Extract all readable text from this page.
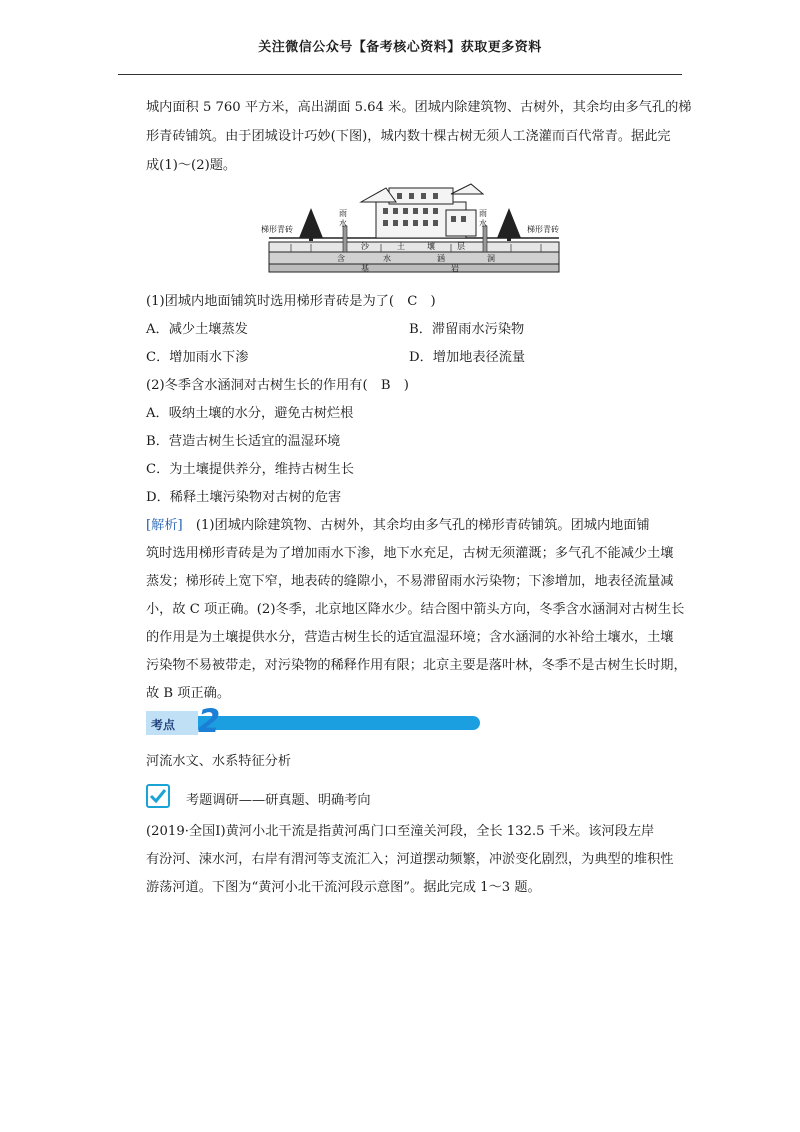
关注微信公众号【备考核心资料】获取更多资料
城内面积 5 760 平方米，高出湖面 5.64 米。团城内除建筑物、古树外，其余均由多气孔的梯
形青砖铺筑。由于团城设计巧妙(下图)，城内数十棵古树无须人工浇灌而百代常青。据此完
成(1)～(2)题。
梯形青砖	梯形青砖
雨
水
雨
水
沙	土	壤	层
含	水	涵	洞
基	岩
(1)团城内地面铺筑时选用梯形青砖是为了(　C　)
A．减少土壤蒸发	B．滞留雨水污染物
C．增加雨水下渗	D．增加地表径流量
(2)冬季含水涵洞对古树生长的作用有(　B　)
A．吸纳土壤的水分，避免古树烂根
B．营造古树生长适宜的温湿环境
C．为土壤提供养分，维持古树生长
D．稀释土壤污染物对古树的危害
[解析]　(1)团城内除建筑物、古树外，其余均由多气孔的梯形青砖铺筑。团城内地面铺
筑时选用梯形青砖是为了增加雨水下渗，地下水充足，古树无须灌溉；多气孔不能减少土壤
蒸发；梯形砖上宽下窄，地表砖的缝隙小，不易滞留雨水污染物；下渗增加，地表径流量减
小，故 C 项正确。(2)冬季，北京地区降水少。结合图中箭头方向，冬季含水涵洞对古树生长
的作用是为土壤提供水分，营造古树生长的适宜温湿环境；含水涵洞的水补给土壤水，土壤
污染物不易被带走，对污染物的稀释作用有限；北京主要是落叶林，冬季不是古树生长时期，
故 B 项正确。
考点 2
河流水文、水系特征分析
考题调研——研真题、明确考向
(2019·全国Ⅰ)黄河小北干流是指黄河禹门口至潼关河段，全长 132.5 千米。该河段左岸
有汾河、涑水河，右岸有渭河等支流汇入；河道摆动频繁，冲淤变化剧烈，为典型的堆积性
游荡河道。下图为“黄河小北干流河段示意图”。据此完成 1～3 题。
